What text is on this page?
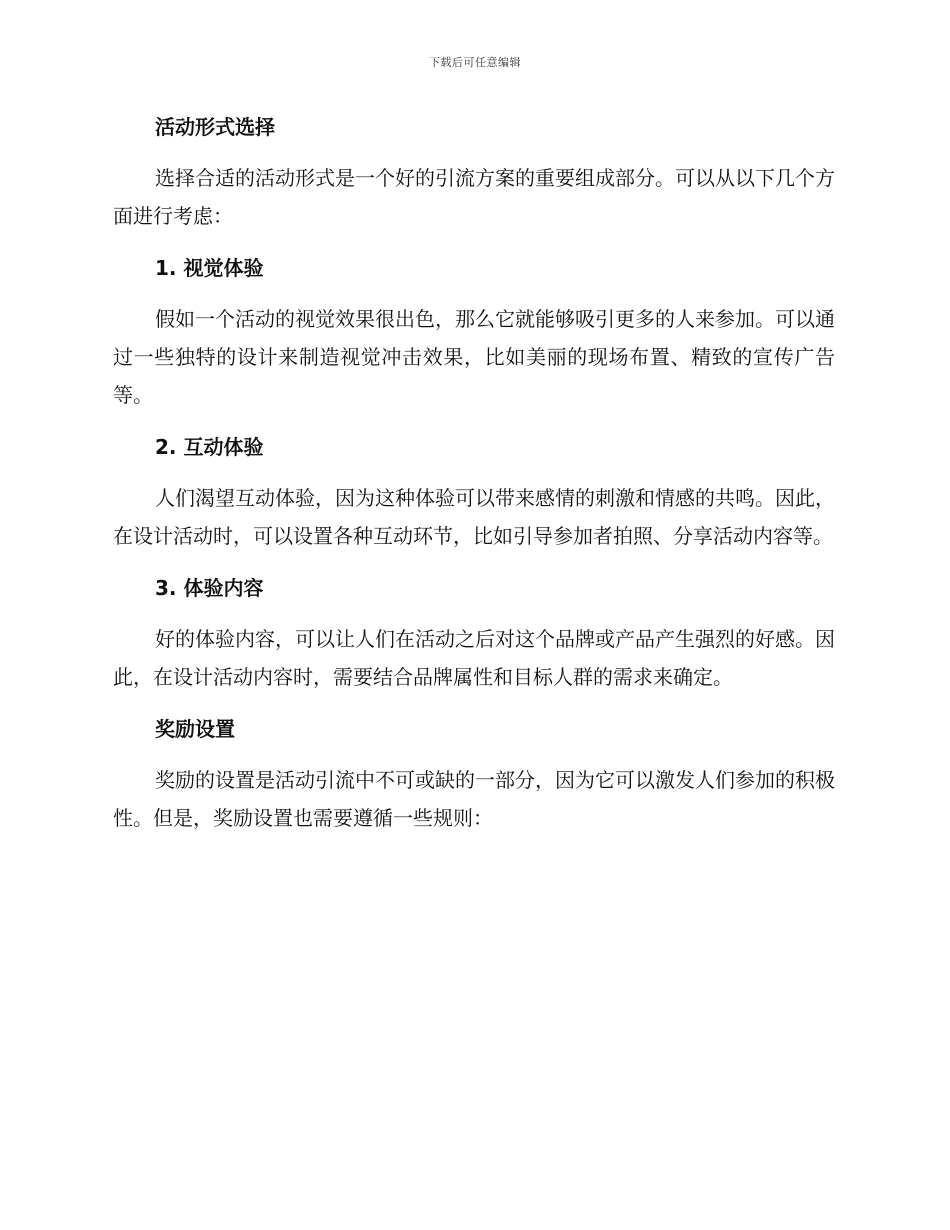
下载后可任意编辑
活动形式选择

选择合适的活动形式是一个好的引流方案的重要组成部分。可以从以下几个方面进行考虑：

1. 视觉体验

假如一个活动的视觉效果很出色，那么它就能够吸引更多的人来参加。可以通过一些独特的设计来制造视觉冲击效果，比如美丽的现场布置、精致的宣传广告等。

2. 互动体验

人们渴望互动体验，因为这种体验可以带来感情的刺激和情感的共鸣。因此，在设计活动时，可以设置各种互动环节，比如引导参加者拍照、分享活动内容等。

3. 体验内容

好的体验内容，可以让人们在活动之后对这个品牌或产品产生强烈的好感。因此，在设计活动内容时，需要结合品牌属性和目标人群的需求来确定。

奖励设置

奖励的设置是活动引流中不可或缺的一部分，因为它可以激发人们参加的积极性。但是，奖励设置也需要遵循一些规则：
